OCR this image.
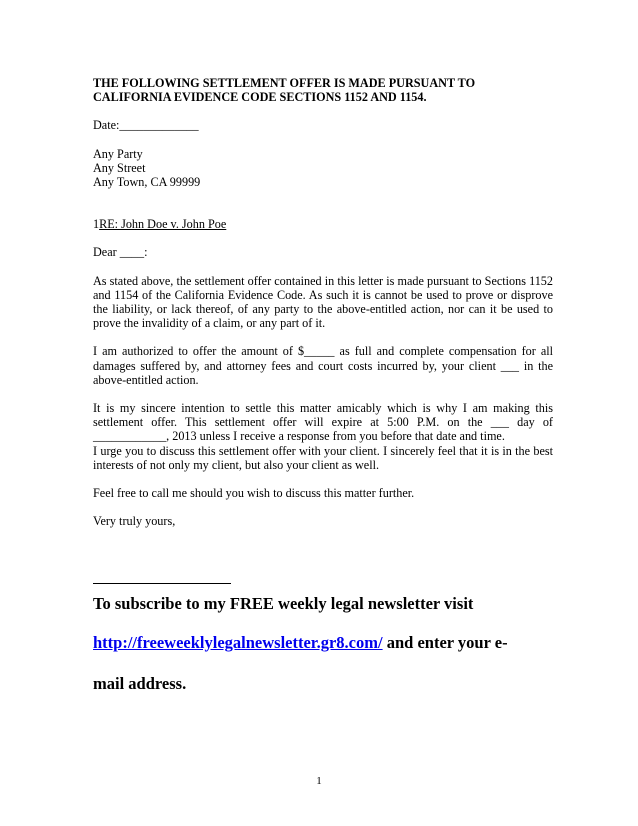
THE FOLLOWING SETTLEMENT OFFER IS MADE PURSUANT TO

CALIFORNIA EVIDENCE CODE SECTIONS 1152 AND 1154.

Date:_____________

Any Party

Any Street

Any Town, CA 99999

1RE: John Doe v. John Poe

Dear ____:

As stated above, the settlement offer contained in this letter is made pursuant to Sections 1152 and 1154 of the California Evidence Code. As such it is cannot be used to prove or disprove the liability, or lack thereof, of any party to the above-entitled action, nor can it be used to prove the invalidity of a claim, or any part of it.

I am authorized to offer the amount of $_____ as full and complete compensation for all damages suffered by, and attorney fees and court costs incurred by, your client ___ in the above-entitled action.

It is my sincere intention to settle this matter amicably which is why I am making this settlement offer. This settlement offer will expire at 5:00 P.M. on the ___ day of ____________, 2013 unless I receive a response from you before that date and time.

I urge you to discuss this settlement offer with your client. I sincerely feel that it is in the best interests of not only my client, but also your client as well.

Feel free to call me should you wish to discuss this matter further.

Very truly yours,

To subscribe to my FREE weekly legal newsletter visit

http://freeweeklylegalnewsletter.gr8.com/ and enter your e-

mail address.

1
